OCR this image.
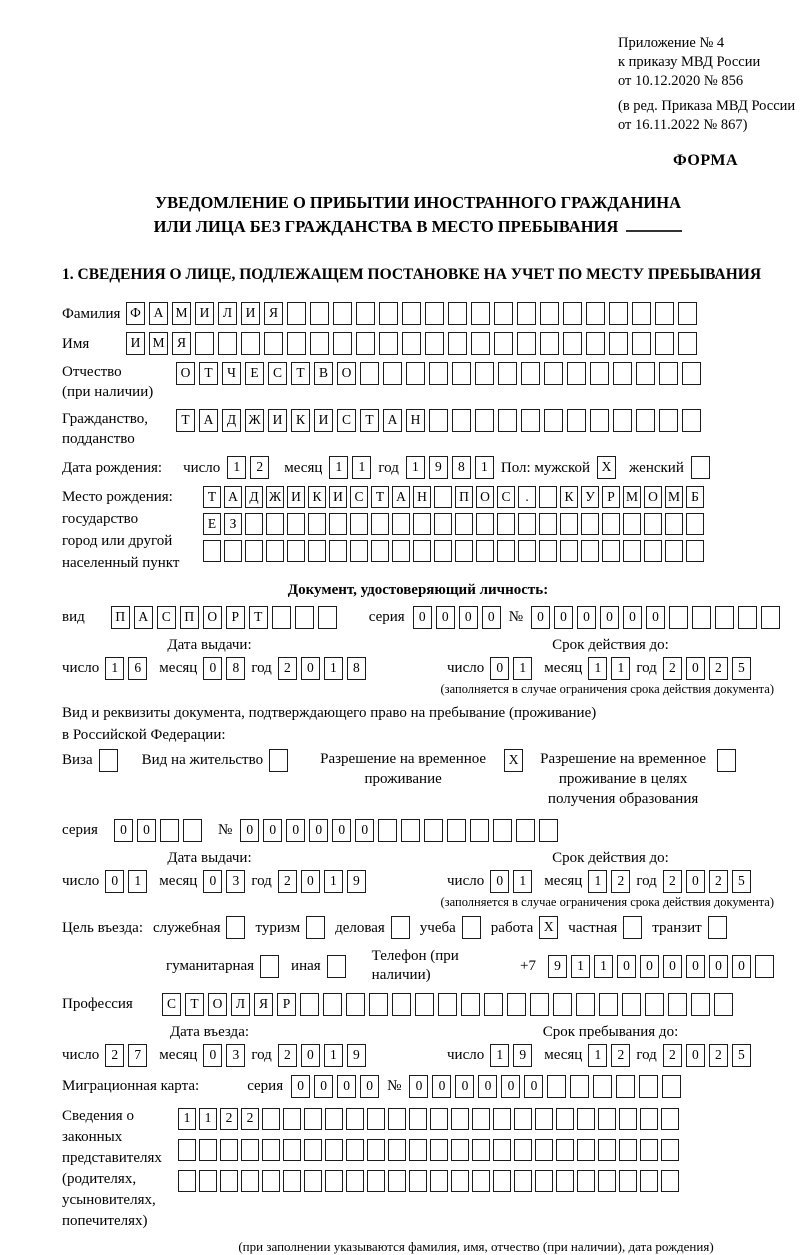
Приложение № 4
к приказу МВД России
от 10.12.2020 № 856
(в ред. Приказа МВД России
от 16.11.2022 № 867)
ФОРМА
УВЕДОМЛЕНИЕ О ПРИБЫТИИ ИНОСТРАННОГО ГРАЖДАНИНА
ИЛИ ЛИЦА БЕЗ ГРАЖДАНСТВА В МЕСТО ПРЕБЫВАНИЯ
1. СВЕДЕНИЯ О ЛИЦЕ, ПОДЛЕЖАЩЕМ ПОСТАНОВКЕ НА УЧЕТ ПО МЕСТУ ПРЕБЫВАНИЯ
Фамилия Ф А М И	Л	И	Я
Имя	И М Я
Отчество
(при наличии)
О	Т	Ч	Е	С	Т	В	О
Гражданство,
подданство
Т	А	Д Ж И	К	И	С	Т	А Н
Дата рождения: число 1	2	месяц 1	1 год 1	9	8	1 Пол: мужской X	женский
Место рождения:
государство
город или другой
населенный пункт
Т А Д Ж И К И С Т А Н	П О С	.	К У Р М О М Б
Е З
Документ, удостоверяющий личность:
вид	П А	С	П О	Р	Т	серия	0	0	0	0 №	0	0	0	0	0	0
Дата выдачи:
число 1	6	месяц 0	8 год 2	0	1	8
Срок действия до:
число 0	1	месяц 1	1 год 2	0	2	5
(заполняется в случае ограничения срока действия документа)
Вид и реквизиты документа, подтверждающего право на пребывание (проживание)
в Российской Федерации:
Виза	Вид на жительство	Разрешение на временное проживание
X	Разрешение на временное проживание в целях получения образования
серия	0	0	№	0	0	0	0	0	0
Дата выдачи:
число 0	1	месяц 0	3 год 2	0	1	9
Срок действия до:
число 0	1	месяц 1	2 год 2	0	2	5
(заполняется в случае ограничения срока действия документа)
Цель въезда: служебная туризм деловая учеба работа X частная транзит
гуманитарная иная
Телефон (при наличии)
+7	9	1	1	0	0	0	0	0	0
Профессия	С	Т	О	Л	Я	Р
Дата въезда:
число 2	7	месяц 0	3 год 2	0	1	9
Срок пребывания до:
число 1	9	месяц 1	2 год 2	0	2	5
Миграционная карта:	серия	0	0	0	0 №	0	0	0	0	0	0
Сведения о
законных
представителях
(родителях,
усыновителях,
попечителях)
1	1	2	2
(при заполнении указываются фамилия, имя, отчество (при наличии), дата рождения)
